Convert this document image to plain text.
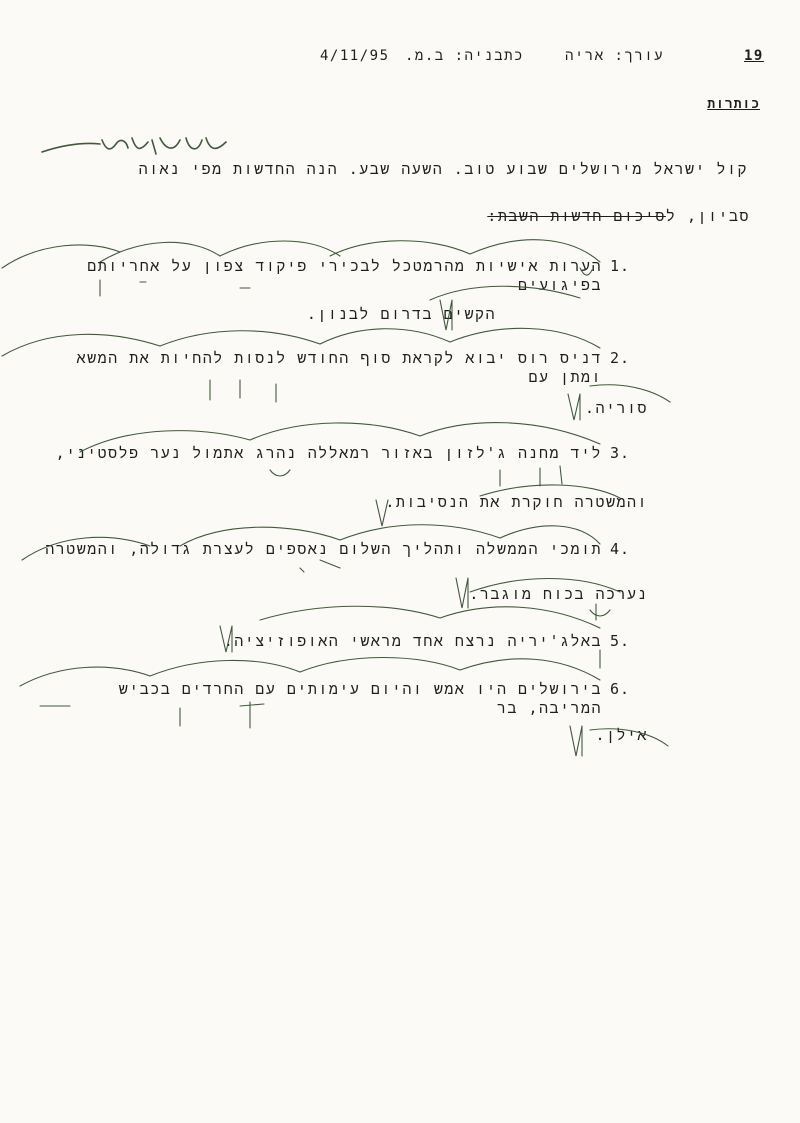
19
עורך: אריה
כתבניה: ב.מ.
4/11/95
כותרות
קול ישראל מירושלים שבוע טוב. השעה שבע. הנה החדשות מפי נאוה
סביון, לסיכום חדשות השבת:
1.
הערות אישיות מהרמטכל לבכירי פיקוד צפון על אחריותם בפיגועים
הקשים בדרום לבנון.
2.
דניס רוס יבוא לקראת סוף החודש לנסות להחיות את המשא ומתן עם
סוריה.
3.
ליד מחנה ג'לזון באזור רמאללה נהרג אתמול נער פלסטיני,
והמשטרה חוקרת את הנסיבות.
4.
תומכי הממשלה ותהליך השלום נאספים לעצרת גדולה, והמשטרה
נערכה בכוח מוגבר.
5.
באלג'יריה נרצח אחד מראשי האופוזיציה.
6.
בירושלים היו אמש והיום עימותים עם החרדים בכביש המריבה, בר
אילן.
